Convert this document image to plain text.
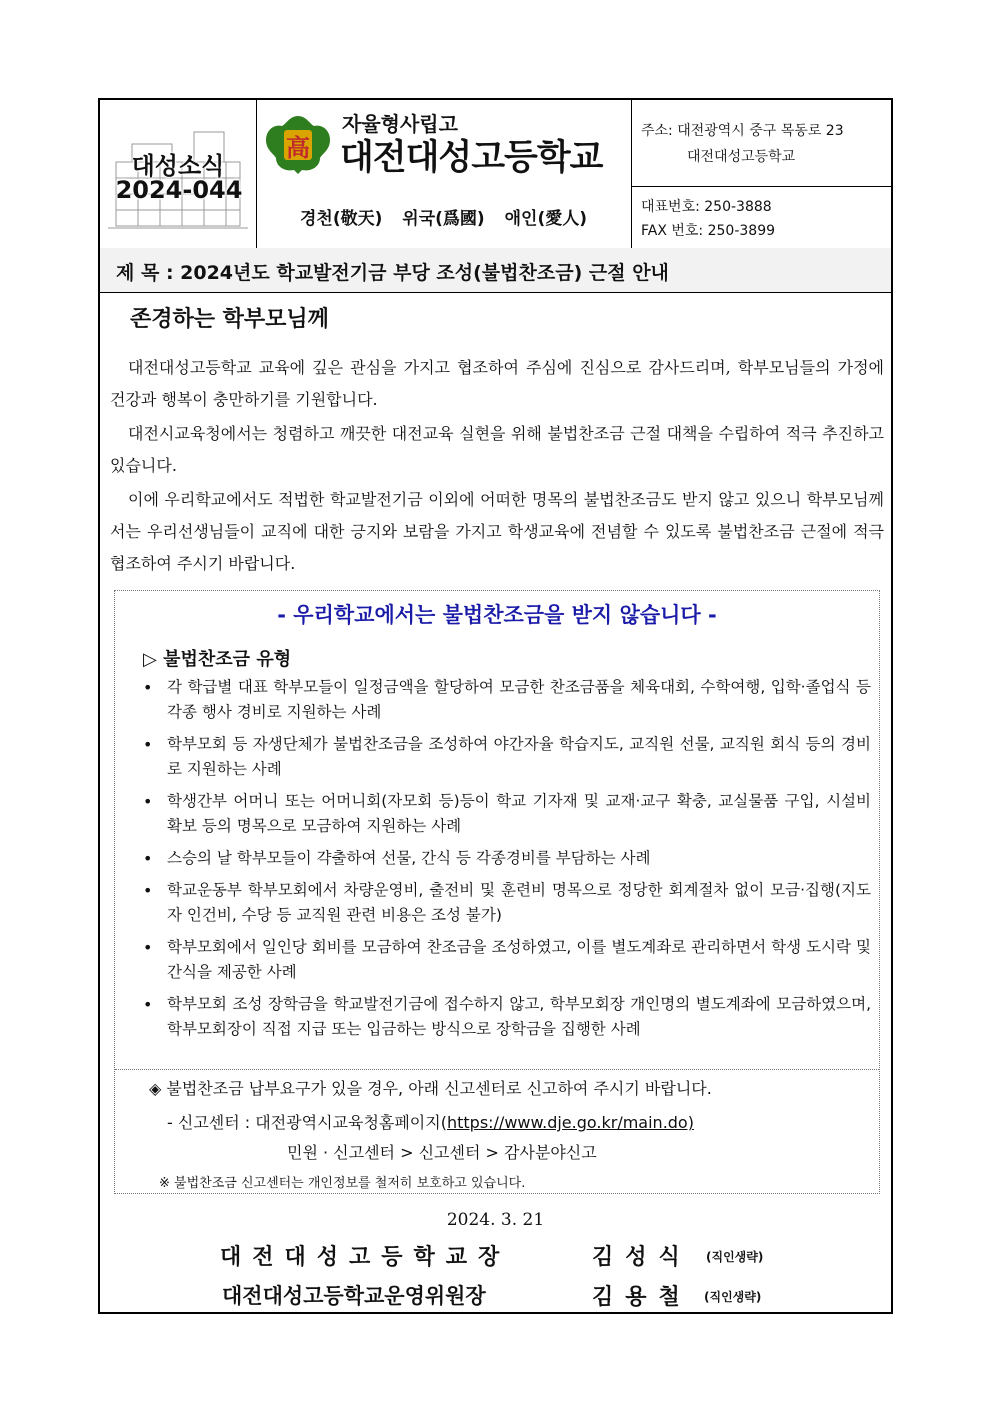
대성소식
2024-044
高
자율형사립고
대전대성고등학교
경천(敬天) 위국(爲國) 애인(愛人)
주소: 대전광역시 중구 목동로 23
대전대성고등학교
대표번호: 250-3888
FAX 번호: 250-3899
제 목 : 2024년도 학교발전기금 부당 조성(불법찬조금) 근절 안내
존경하는 학부모님께
대전대성고등학교 교육에 깊은 관심을 가지고 협조하여 주심에 진심으로 감사드리며, 학부모님들의 가정에 건강과 행복이 충만하기를 기원합니다.
대전시교육청에서는 청렴하고 깨끗한 대전교육 실현을 위해 불법찬조금 근절 대책을 수립하여 적극 추진하고 있습니다.
이에 우리학교에서도 적법한 학교발전기금 이외에 어떠한 명목의 불법찬조금도 받지 않고 있으니 학부모님께서는 우리선생님들이 교직에 대한 긍지와 보람을 가지고 학생교육에 전념할 수 있도록 불법찬조금 근절에 적극 협조하여 주시기 바랍니다.
- 우리학교에서는 불법찬조금을 받지 않습니다 -
▷ 불법찬조금 유형
• 각 학급별 대표 학부모들이 일정금액을 할당하여 모금한 찬조금품을 체육대회, 수학여행, 입학·졸업식 등 각종 행사 경비로 지원하는 사례
• 학부모회 등 자생단체가 불법찬조금을 조성하여 야간자율 학습지도, 교직원 선물, 교직원 회식 등의 경비로 지원하는 사례
• 학생간부 어머니 또는 어머니회(자모회 등)등이 학교 기자재 및 교재·교구 확충, 교실물품 구입, 시설비 확보 등의 명목으로 모금하여 지원하는 사례
• 스승의 날 학부모들이 갹출하여 선물, 간식 등 각종경비를 부담하는 사례
• 학교운동부 학부모회에서 차량운영비, 출전비 및 훈련비 명목으로 정당한 회계절차 없이 모금·집행(지도자 인건비, 수당 등 교직원 관련 비용은 조성 불가)
• 학부모회에서 일인당 회비를 모금하여 찬조금을 조성하였고, 이를 별도계좌로 관리하면서 학생 도시락 및 간식을 제공한 사례
• 학부모회 조성 장학금을 학교발전기금에 접수하지 않고, 학부모회장 개인명의 별도계좌에 모금하였으며, 학부모회장이 직접 지급 또는 입금하는 방식으로 장학금을 집행한 사례
◈ 불법찬조금 납부요구가 있을 경우, 아래 신고센터로 신고하여 주시기 바랍니다.
- 신고센터 : 대전광역시교육청홈페이지(https://www.dje.go.kr/main.do)
민원 · 신고센터 > 신고센터 > 감사분야신고
※ 불법찬조금 신고센터는 개인정보를 철저히 보호하고 있습니다.
2024. 3. 21
대전대성고등학교장	김성식 (직인생략)
대전대성고등학교운영위원장	김용철 (직인생략)
